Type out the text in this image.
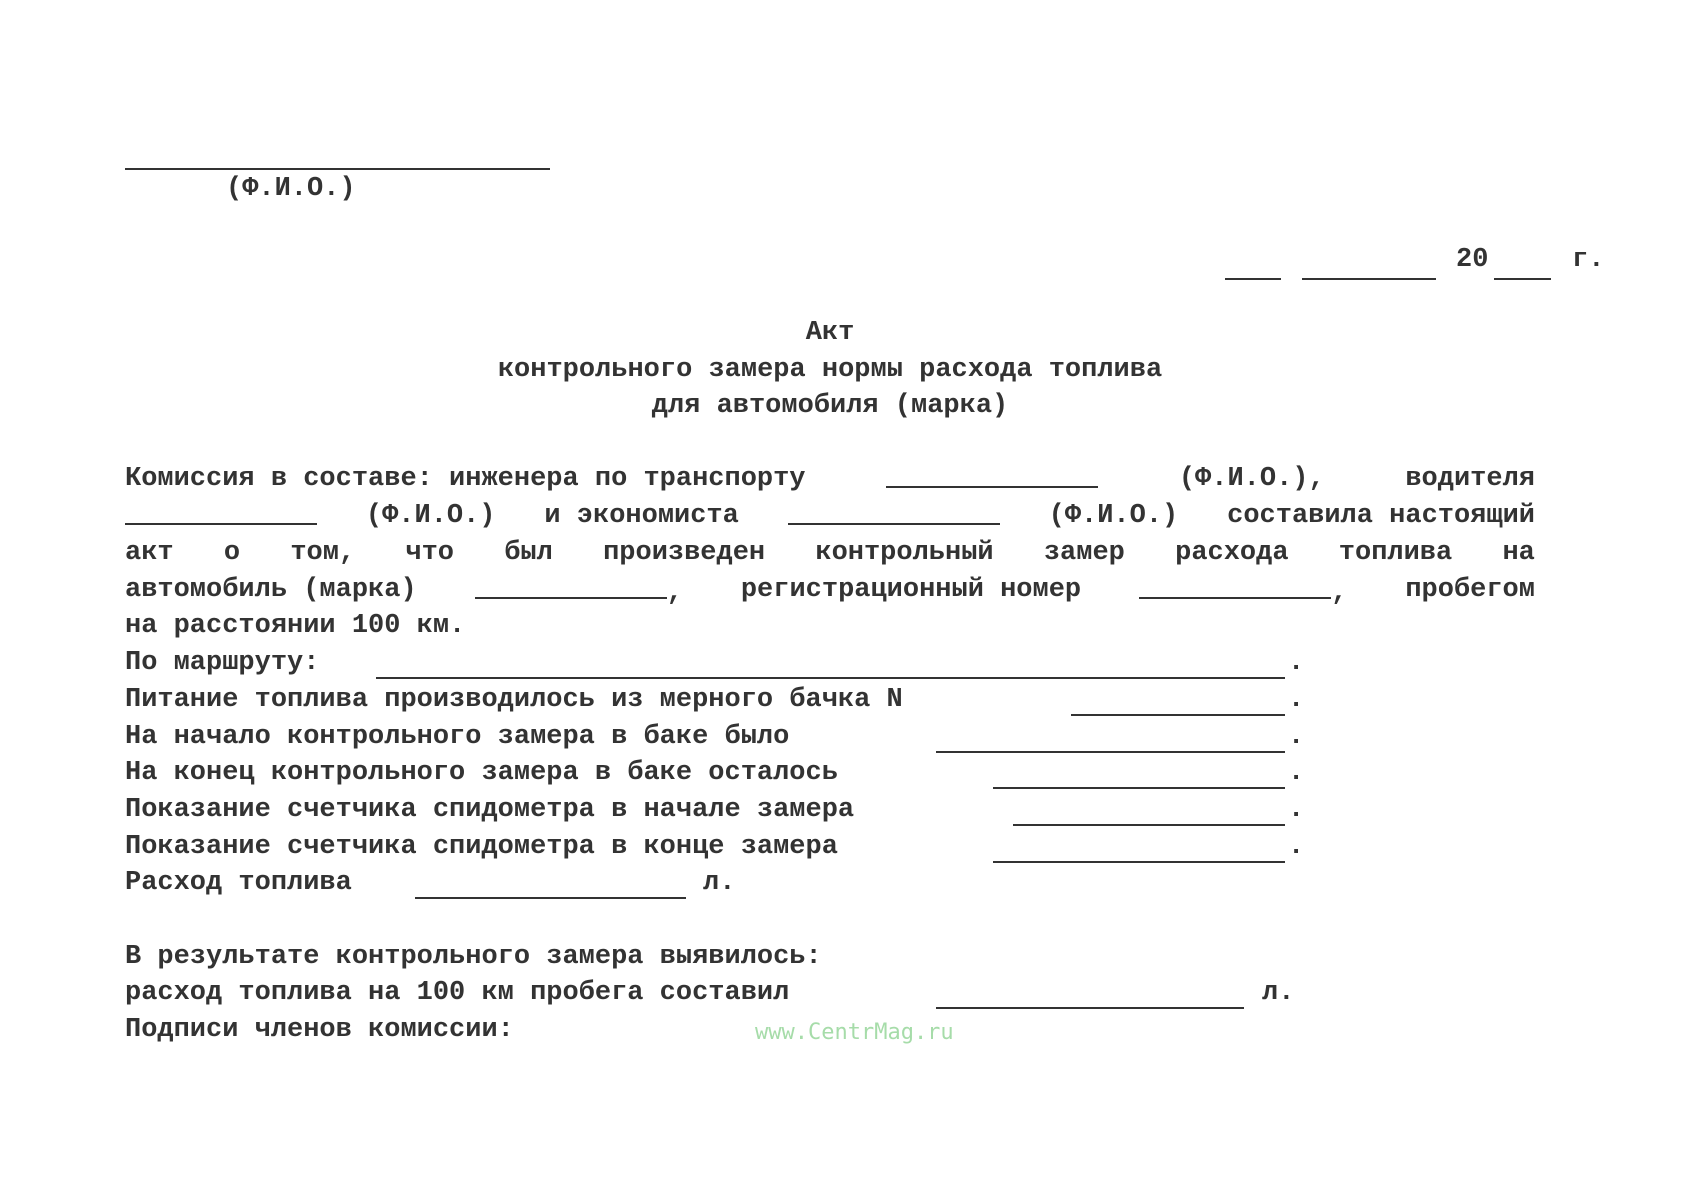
(Ф.И.О.)
20	г.
Акт
контрольного замера нормы расхода топлива
для автомобиля (марка)
Комиссия в составе: инженера по транспорту	(Ф.И.О.),	водителя
(Ф.И.О.) и экономиста	(Ф.И.О.) составила настоящий
акт о том, что был произведен контрольный замер расхода топлива на
автомобиль (марка)	, регистрационный номер	, пробегом
на расстоянии 100 км.
По маршруту:	.
Питание топлива производилось из мерного бачка N	.
На начало контрольного замера в баке было	.
На конец контрольного замера в баке осталось	.
Показание счетчика спидометра в начале замера	.
Показание счетчика спидометра в конце замера	.
Расход топлива	л.
В результате контрольного замера выявилось:
расход топлива на 100 км пробега составил	л.
Подписи членов комиссии:	www.CentrMag.ru
